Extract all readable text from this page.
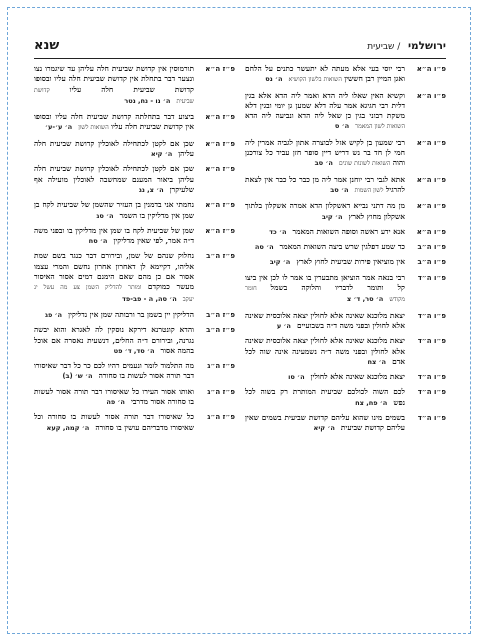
ירושלמי / שביעית
שנא
פ״ו ה״א
רבי יוסי בעי אלא מעתה לא יתעשר כתנים על הלחם ואגן המיין רבן חששין השואות בלשון הקושיאה׳ נס
פ״ו ה״א
וקשיא האין שאלו ליה הדא ואמר ליה הדא אלא בגין דלית רבי חגיגא אמר עלה דלא שמען גן יומי ובגין דלא משקת רבוני בגין כן שאל ליה הדא ונביעה ליה הדא השואות לשון המאמרה׳ ס
פ״ו ה״א
רבי שמעון בן לקיש אזל לבוצרה אתון לגביה אמרין ליה חמי לן חד בר נש דריש דיין סופר חזן עביד כל צורכנן והוה השואות לשונות שוניםה׳ סב
פ״ו ה״א
אתא לגבי רבי יוחנן אמר ליה מן כבר כל כבר אין לצאת להרגיל לשון השמותה׳ סב
פ״ו ה״א
מן מה דתני נבייא דאשקלון הדא אמרה אשקלון בלתוך אשקלון מחוץ לארץה׳ קיב
פ״ו ה״א
אנא ידע ראשה וסופה השואות המאמרה׳ כד
פ״ו ה״ב
כד שמע דפלגין שרש ביצה השואות המאמרה׳ סה
פ״ו ה״ב
אין מוציאין פירות שביעית לחוץ לארץה׳ קיב
פ״ו ה״ד
רבי בנאה אמר הוציאן מתבערין בו אמר לו לכן אין ביצו קל ותומר לדבריו והלוקה בשמל חומר מקודשה׳ סר, ד׳ צ
פ״ו ה״ד
יצאת מלוכנא שאינה אלא לחולין יצאה אלוכסית שאינה אלא לחולין ובפני משה ד״ה בשבועייםה׳ ע
פ״ו ה״ד
יצאת מלוכנא שאינה אלא לחולין יצאה אלוכסית שאינה אלא לחולין ובפני משה ד״ה נשמעינה אינה שוה לכל אדםה׳ צח
פ״ו ה״ד
יצאת מלוכנא שאינה אלא לחוליןה׳ סו
פ״ו ה״ד
לכם השוה לכולכם שביעית המותרת רק בשוה לכל נפשה׳ פח, צח
פ״ו ה״ד
בשמים מינו שהוא עליהם קדושת שביעית בשמים שאין עליהם קדושת שביעיתה׳ קיא
פ״ז ה״א
תורמוסין אין קדושת שביעית חלה עליהן עד שיגמרו נצו ונצער דבר בתחלת אין קדושת שביעית חלה עליו ובסופו קדושת שביעית חלה עליו קדושת שביעיתה׳ נו - נח, נטר
פ״ז ה״א
ביצוע דבר בתחלתה קדושת שביעית חלה עליו ובסופו אין קדושת שביעית חלה עליו השואות לשוןה׳ ע׳-ע׳
פ״ז ה״א
שכן אם לקטן לכתחילה לאוכלין קדושת שביעית חלה עליהןה׳ קיא
פ״ז ה״א
שכן אם לקטן לכתחילה לאוכלין קדושת שביעית חלה עליהן ביאור המענם שמחשבה לאוכלין מועילה אף שלעיקרןה׳ צ, נג
פ״ז ה״א
נחמתי אני בדמנין בן העזיר שהשמן של שביעית לקח בן שמן אין מדליקין בו השמרה׳ סג
פ״ז ה״א
שמן של שביעית לקח בו שמן אין מדליקין בו ובפני משה ד״ה אמר, לפי שאין מדליקיןה׳ סח
פ״ז ה״ב
נחלוק שנהם של שמן, ובירורם דבר כנגד בשם שמת אליהו, דקיימא לן דאחרון אחרון נחשם והמרי עצמו אסור אם כן מהם שאם הימנם דמים אסור האיסור מעשר כמוקדם ומותר להדליק השמן צע מה עשל ינ יעקבה׳ סה, ה - פב-פד
פ״ז ה״ב
הדליקין יין בשמן בר ורבותה שמן אין נדליקיןה׳ פג
פ״ז ה״ב
והדא קונטרנא דירקא נוסקין לה לאגרא והוא יבשה נגרנה, ובירורם ד״ה החלים, דנשעית נאסרה אם אוכל בהמה אסורה׳ סד, ד׳ פט
פ״ז ה״ג
מה התלמוד לומר ונעמים רהיו לכם כר כל דבר שאיסורו דבר תורה אסור לעשות בו סחורהה׳ ש׳ (ב)
פ״ז ה״ג
ואותו אסור העירו כל שאיסורו דבר תורה אסור לעשות בו סחורה אסור מדרביה׳ פה
פ״ז ה״ג
כל שאיסורו דבר תורה אסור לעשות בו סחורה וכל שאיסורו מדבריהם עושין בו סחורהה׳ קמה, קעא
